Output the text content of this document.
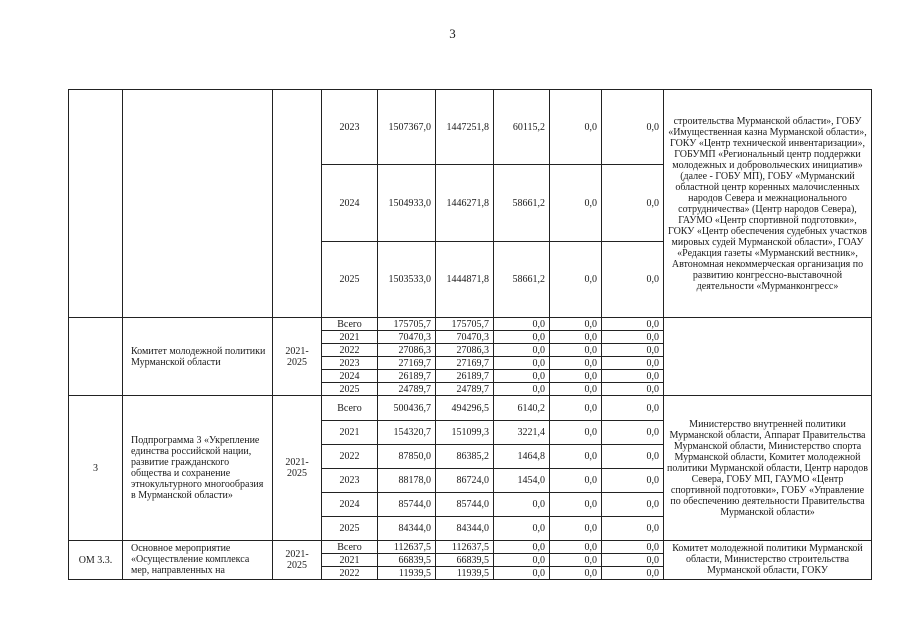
3
			2023	1507367,0	1447251,8	60115,2	0,0	0,0	строительства Мурманской области», ГОБУ «Имущественная казна Мурманской области», ГОКУ «Центр технической инвентаризации», ГОБУМП «Региональный центр поддержки молодежных и добровольческих инициатив» (далее - ГОБУ МП), ГОБУ «Мурманский областной центр коренных малочисленных народов Севера и межнационального сотрудничества» (Центр народов Севера), ГАУМО «Центр спортивной подготовки», ГОКУ «Центр обеспечения судебных участков мировых судей Мурманской области», ГОАУ «Редакция газеты «Мурманский вестник», Автономная некоммерческая организация по развитию конгрессно-выставочной деятельности «Мурманконгресс»
			2024	1504933,0	1446271,8	58661,2	0,0	0,0	
			2025	1503533,0	1444871,8	58661,2	0,0	0,0	
	Комитет молодежной политики Мурманской области	2021-2025	Всего	175705,7	175705,7	0,0	0,0	0,0	
			2021	70470,3	70470,3	0,0	0,0	0,0	
			2022	27086,3	27086,3	0,0	0,0	0,0	
			2023	27169,7	27169,7	0,0	0,0	0,0	
			2024	26189,7	26189,7	0,0	0,0	0,0	
			2025	24789,7	24789,7	0,0	0,0	0,0	
3	Подпрограмма 3 «Укрепление единства российской нации, развитие гражданского общества и сохранение этнокультурного многообразия в Мурманской области»	2021-2025	Всего	500436,7	494296,5	6140,2	0,0	0,0	Министерство внутренней политики Мурманской области, Аппарат Правительства Мурманской области, Министерство спорта Мурманской области, Комитет молодежной политики Мурманской области, Центр народов Севера, ГОБУ МП, ГАУМО «Центр спортивной подготовки», ГОБУ «Управление по обеспечению деятельности Правительства Мурманской области»
			2021	154320,7	151099,3	3221,4	0,0	0,0	
			2022	87850,0	86385,2	1464,8	0,0	0,0	
			2023	88178,0	86724,0	1454,0	0,0	0,0	
			2024	85744,0	85744,0	0,0	0,0	0,0	
			2025	84344,0	84344,0	0,0	0,0	0,0	
ОМ 3.3.	Основное мероприятие «Осуществление комплекса мер, направленных на	2021-2025	Всего	112637,5	112637,5	0,0	0,0	0,0	Комитет молодежной политики Мурманской области, Министерство строительства Мурманской области, ГОКУ
			2021	66839,5	66839,5	0,0	0,0	0,0	
			2022	11939,5	11939,5	0,0	0,0	0,0	
